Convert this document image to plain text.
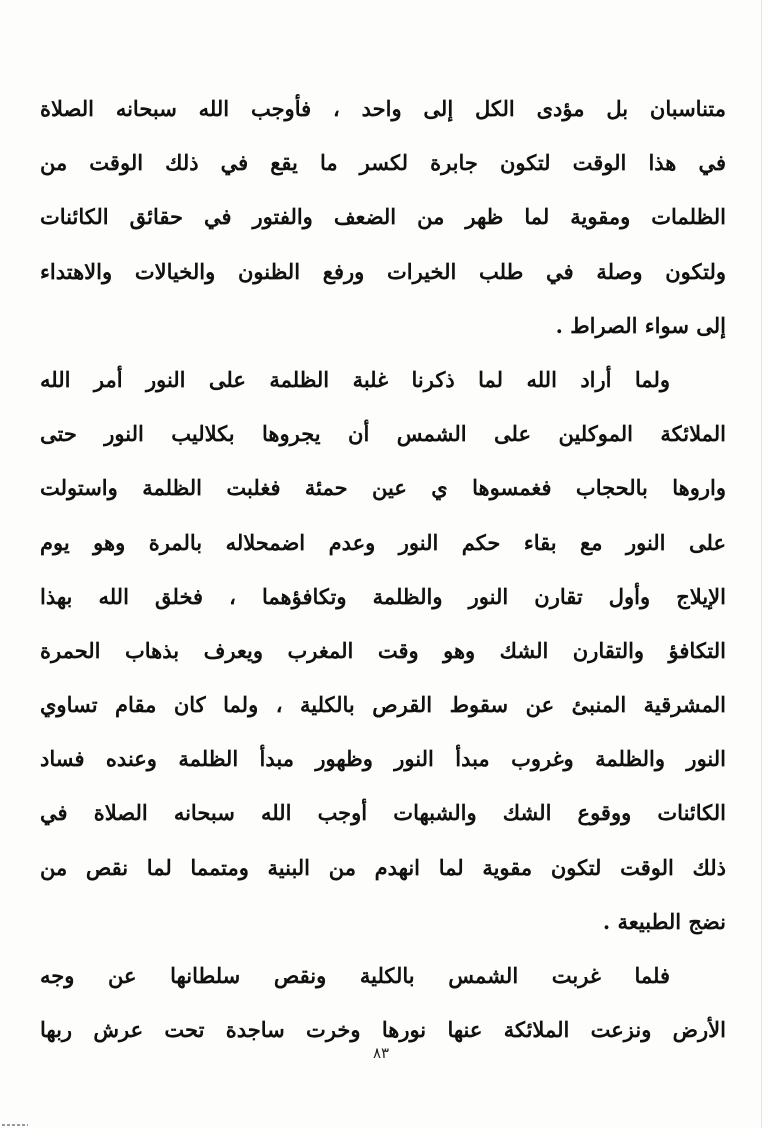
متناسبان بل مؤدى الكل إلى واحد ، فأوجب الله سبحانه الصلاة
في هذا الوقت لتكون جابرة لكسر ما يقع في ذلك الوقت من
الظلمات ومقوية لما ظهر من الضعف والفتور في حقائق الكائنات
ولتكون وصلة في طلب الخيرات ورفع الظنون والخيالات والاهتداء
إلى سواء الصراط .
ولما أراد الله لما ذكرنا غلبة الظلمة على النور أمر الله
الملائكة الموكلين على الشمس أن يجروها بكلاليب النور حتى
واروها بالحجاب فغمسوها ي عين حمئة فغلبت الظلمة واستولت
على النور مع بقاء حكم النور وعدم اضمحلاله بالمرة وهو يوم
الإيلاج وأول تقارن النور والظلمة وتكافؤهما ، فخلق الله بهذا
التكافؤ والتقارن الشك وهو وقت المغرب ويعرف بذهاب الحمرة
المشرقية المنبئ عن سقوط القرص بالكلية ، ولما كان مقام تساوي
النور والظلمة وغروب مبدأ النور وظهور مبدأ الظلمة وعنده فساد
الكائنات ووقوع الشك والشبهات أوجب الله سبحانه الصلاة في
ذلك الوقت لتكون مقوية لما انهدم من البنية ومتمما لما نقص من
نضج الطبيعة .
فلما غربت الشمس بالكلية ونقص سلطانها عن وجه
الأرض ونزعت الملائكة عنها نورها وخرت ساجدة تحت عرش ربها
٨٣
